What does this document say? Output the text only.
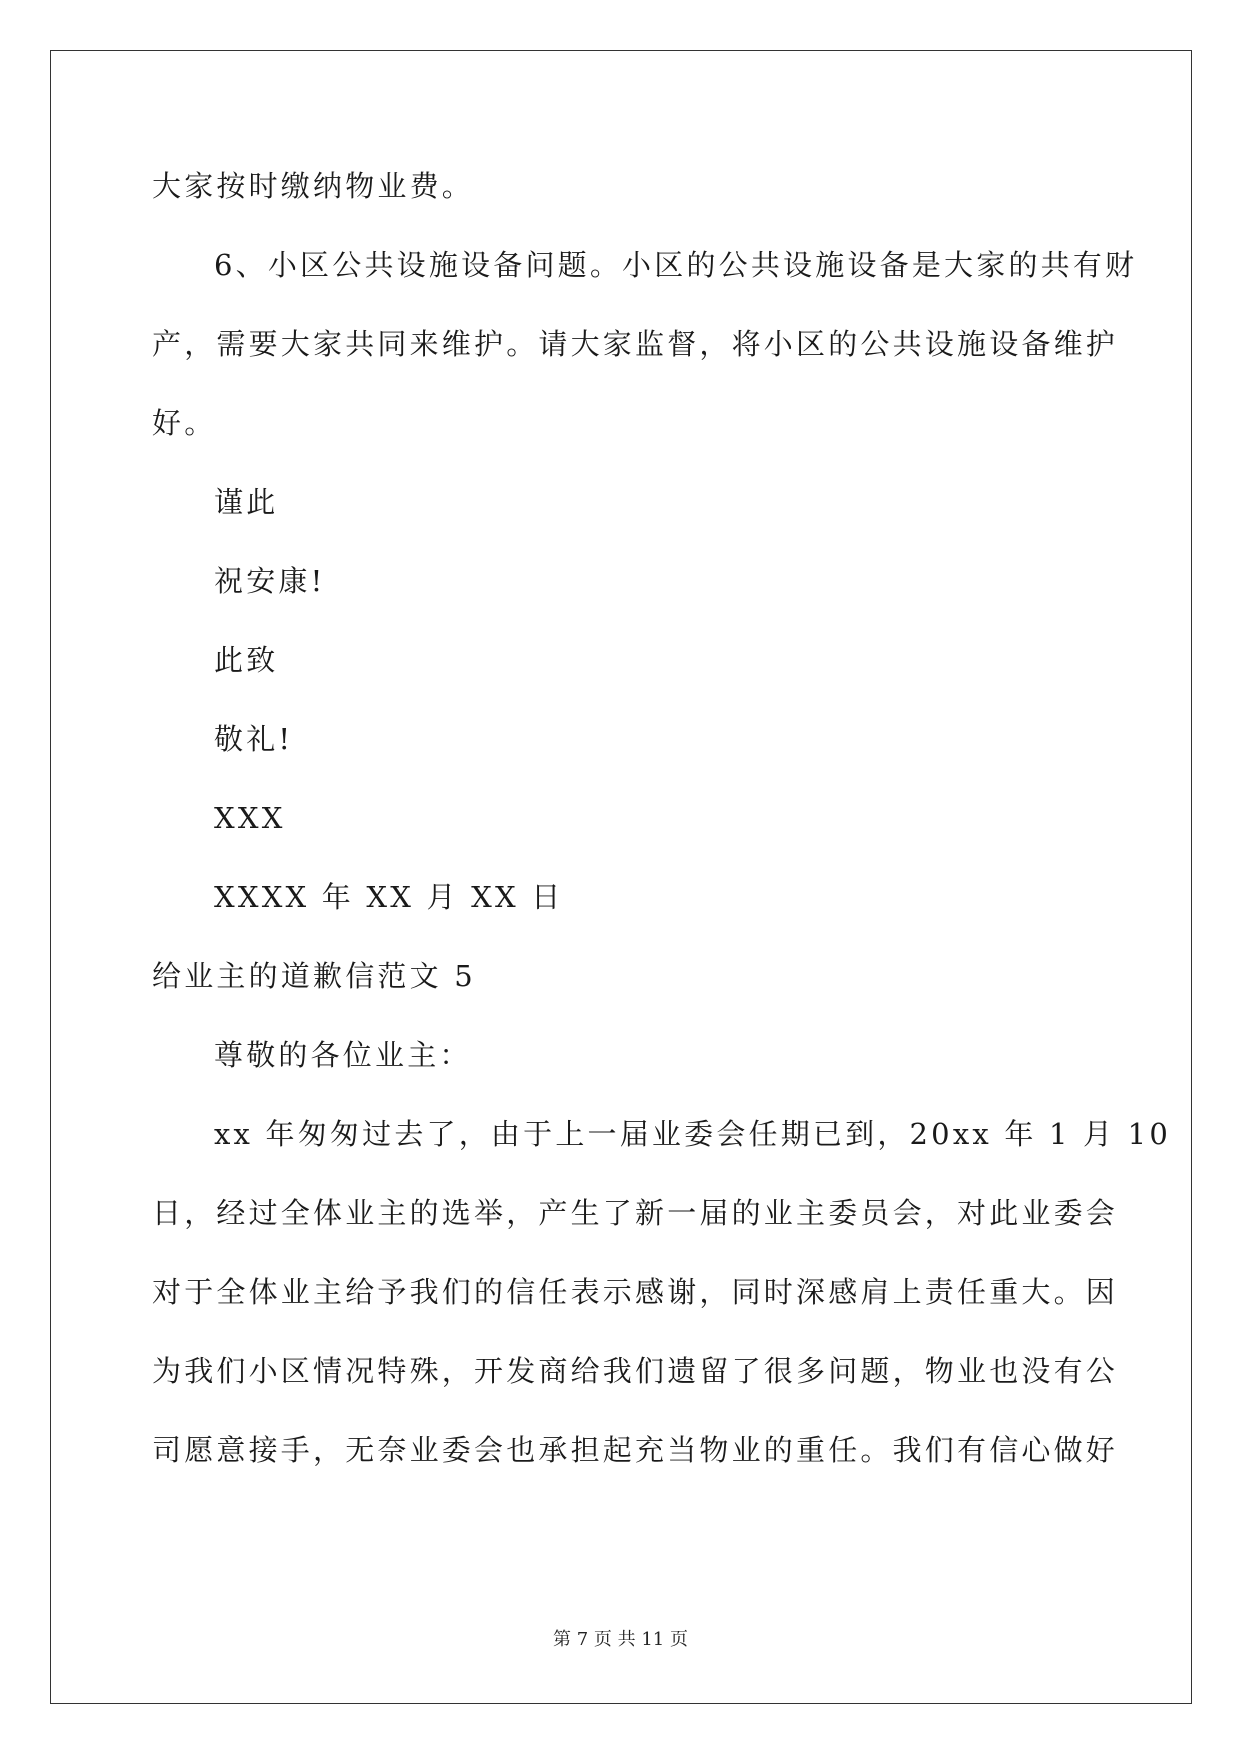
大家按时缴纳物业费。
6、小区公共设施设备问题。小区的公共设施设备是大家的共有财
产，需要大家共同来维护。请大家监督，将小区的公共设施设备维护
好。
谨此
祝安康!
此致
敬礼!
XXX
XXXX 年 XX 月 XX 日
给业主的道歉信范文 5
尊敬的各位业主：
xx 年匆匆过去了，由于上一届业委会任期已到，20xx 年 1 月 10
日，经过全体业主的选举，产生了新一届的业主委员会，对此业委会
对于全体业主给予我们的信任表示感谢，同时深感肩上责任重大。因
为我们小区情况特殊，开发商给我们遗留了很多问题，物业也没有公
司愿意接手，无奈业委会也承担起充当物业的重任。我们有信心做好
第 7 页 共 11 页
